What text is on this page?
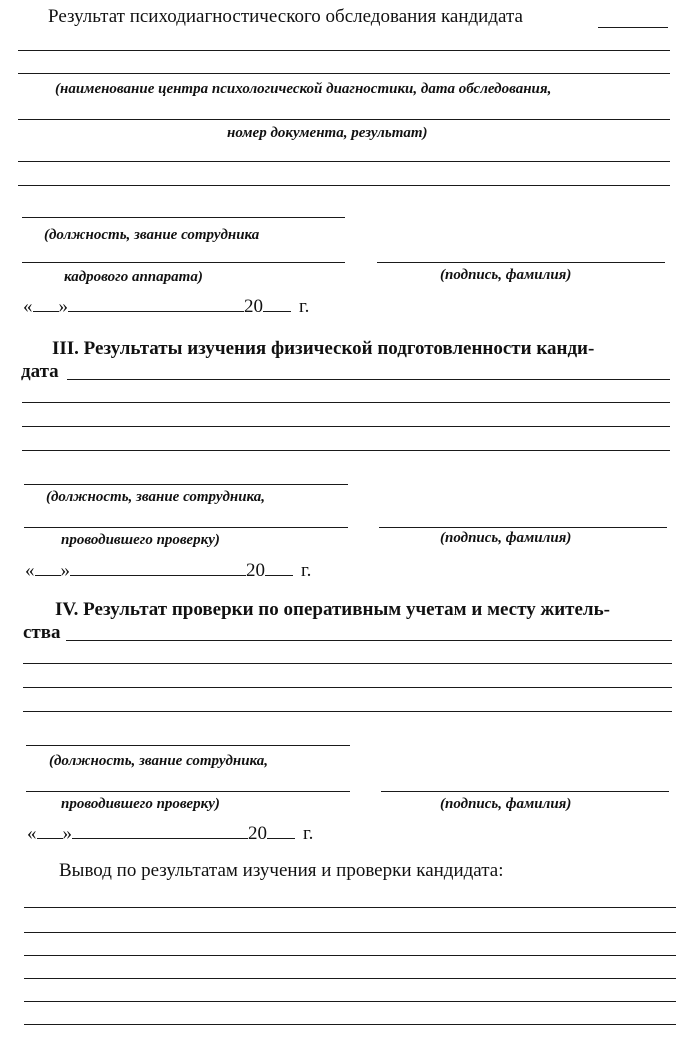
Результат психодиагностического обследования кандидата
(наименование центра психологической диагностики, дата обследования,
номер документа, результат)
(должность, звание сотрудника
кадрового аппарата)	(подпись, фамилия)
« »	20 г.
III. Результаты изучения физической подготовленности канди-
дата
(должность, звание сотрудника,
проводившего проверку)	(подпись, фамилия)
« »	20 г.
IV. Результат проверки по оперативным учетам и месту житель-
ства
(должность, звание сотрудника,
проводившего проверку)	(подпись, фамилия)
« »	20 г.
Вывод по результатам изучения и проверки кандидата:
